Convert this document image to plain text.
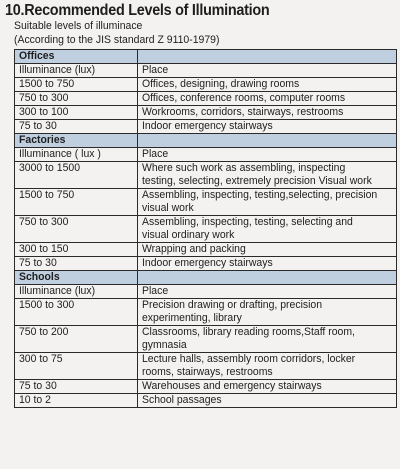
10.Recommended Levels of Illumination
Suitable levels of illuminace
(According to the JIS standard Z 9110-1979)
Offices	

Illuminance (lux)	Place

1500 to 750	Offices, designing, drawing rooms

750 to 300	Offices, conference rooms, computer rooms

300 to 100	Workrooms, corridors, stairways, restrooms

75 to 30	Indoor emergency stairways

Factories	

Illuminance ( lux )	Place

3000 to 1500	Where such work as assembling, inspecting testing, selecting, extremely precision Visual work

1500 to 750	Assembling, inspecting, testing,selecting, precision visual work

750 to 300	Assembling, inspecting, testing, selecting and visual ordinary work

300 to 150	Wrapping and packing

75 to 30	Indoor emergency stairways

Schools	

Illuminance (lux)	Place

1500 to 300	Precision drawing or drafting, precision experimenting, library

750 to 200	Classrooms, library reading rooms,Staff room, gymnasia

300 to 75	Lecture halls, assembly room corridors, locker rooms, stairways, restrooms

75 to 30	Warehouses and emergency stairways

10 to 2	School passages
